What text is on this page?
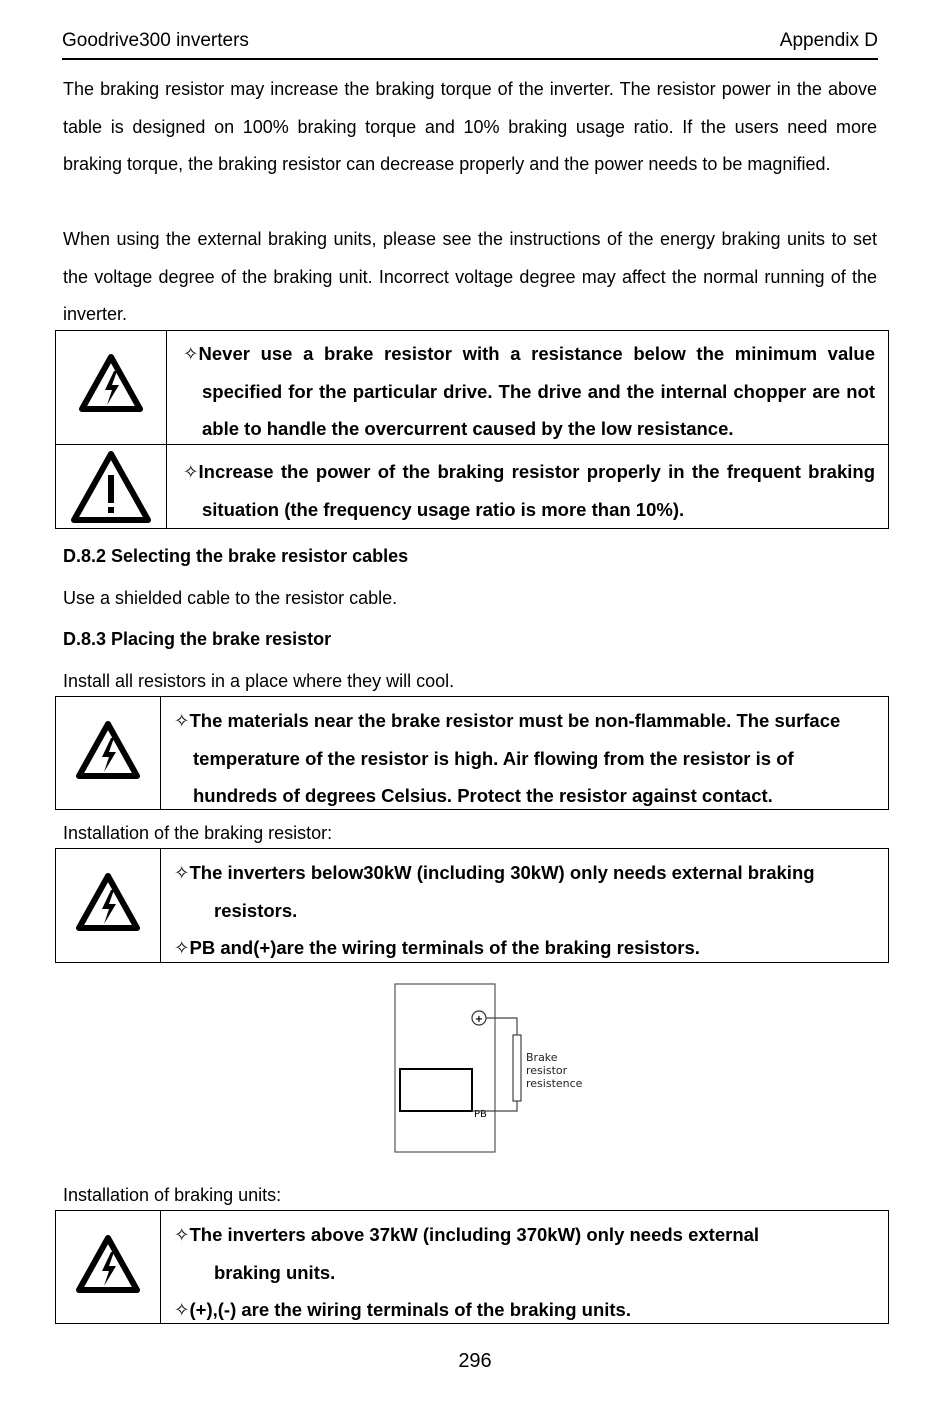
Goodrive300 inverters	Appendix D
The braking resistor may increase the braking torque of the inverter. The resistor power in the above table is designed on 100% braking torque and 10% braking usage ratio. If the users need more braking torque, the braking resistor can decrease properly and the power needs to be magnified.
When using the external braking units, please see the instructions of the energy braking units to set the voltage degree of the braking unit. Incorrect voltage degree may affect the normal running of the inverter.
✧Never use a brake resistor with a resistance below the minimum value specified for the particular drive. The drive and the internal chopper are not able to handle the overcurrent caused by the low resistance.
✧Increase the power of the braking resistor properly in the frequent braking situation (the frequency usage ratio is more than 10%).
D.8.2 Selecting the brake resistor cables
Use a shielded cable to the resistor cable.
D.8.3 Placing the brake resistor
Install all resistors in a place where they will cool.
✧The materials near the brake resistor must be non-flammable. The surface temperature of the resistor is high. Air flowing from the resistor is of hundreds of degrees Celsius. Protect the resistor against contact.
Installation of the braking resistor:
✧The inverters below30kW (including 30kW) only needs external braking
resistors.
✧PB and(+)are the wiring terminals of the braking resistors.
+
PB
Brake
resistor
resistence
Installation of braking units:
✧The inverters above 37kW (including 370kW) only needs external
braking units.
✧(+),(-) are the wiring terminals of the braking units.
296
